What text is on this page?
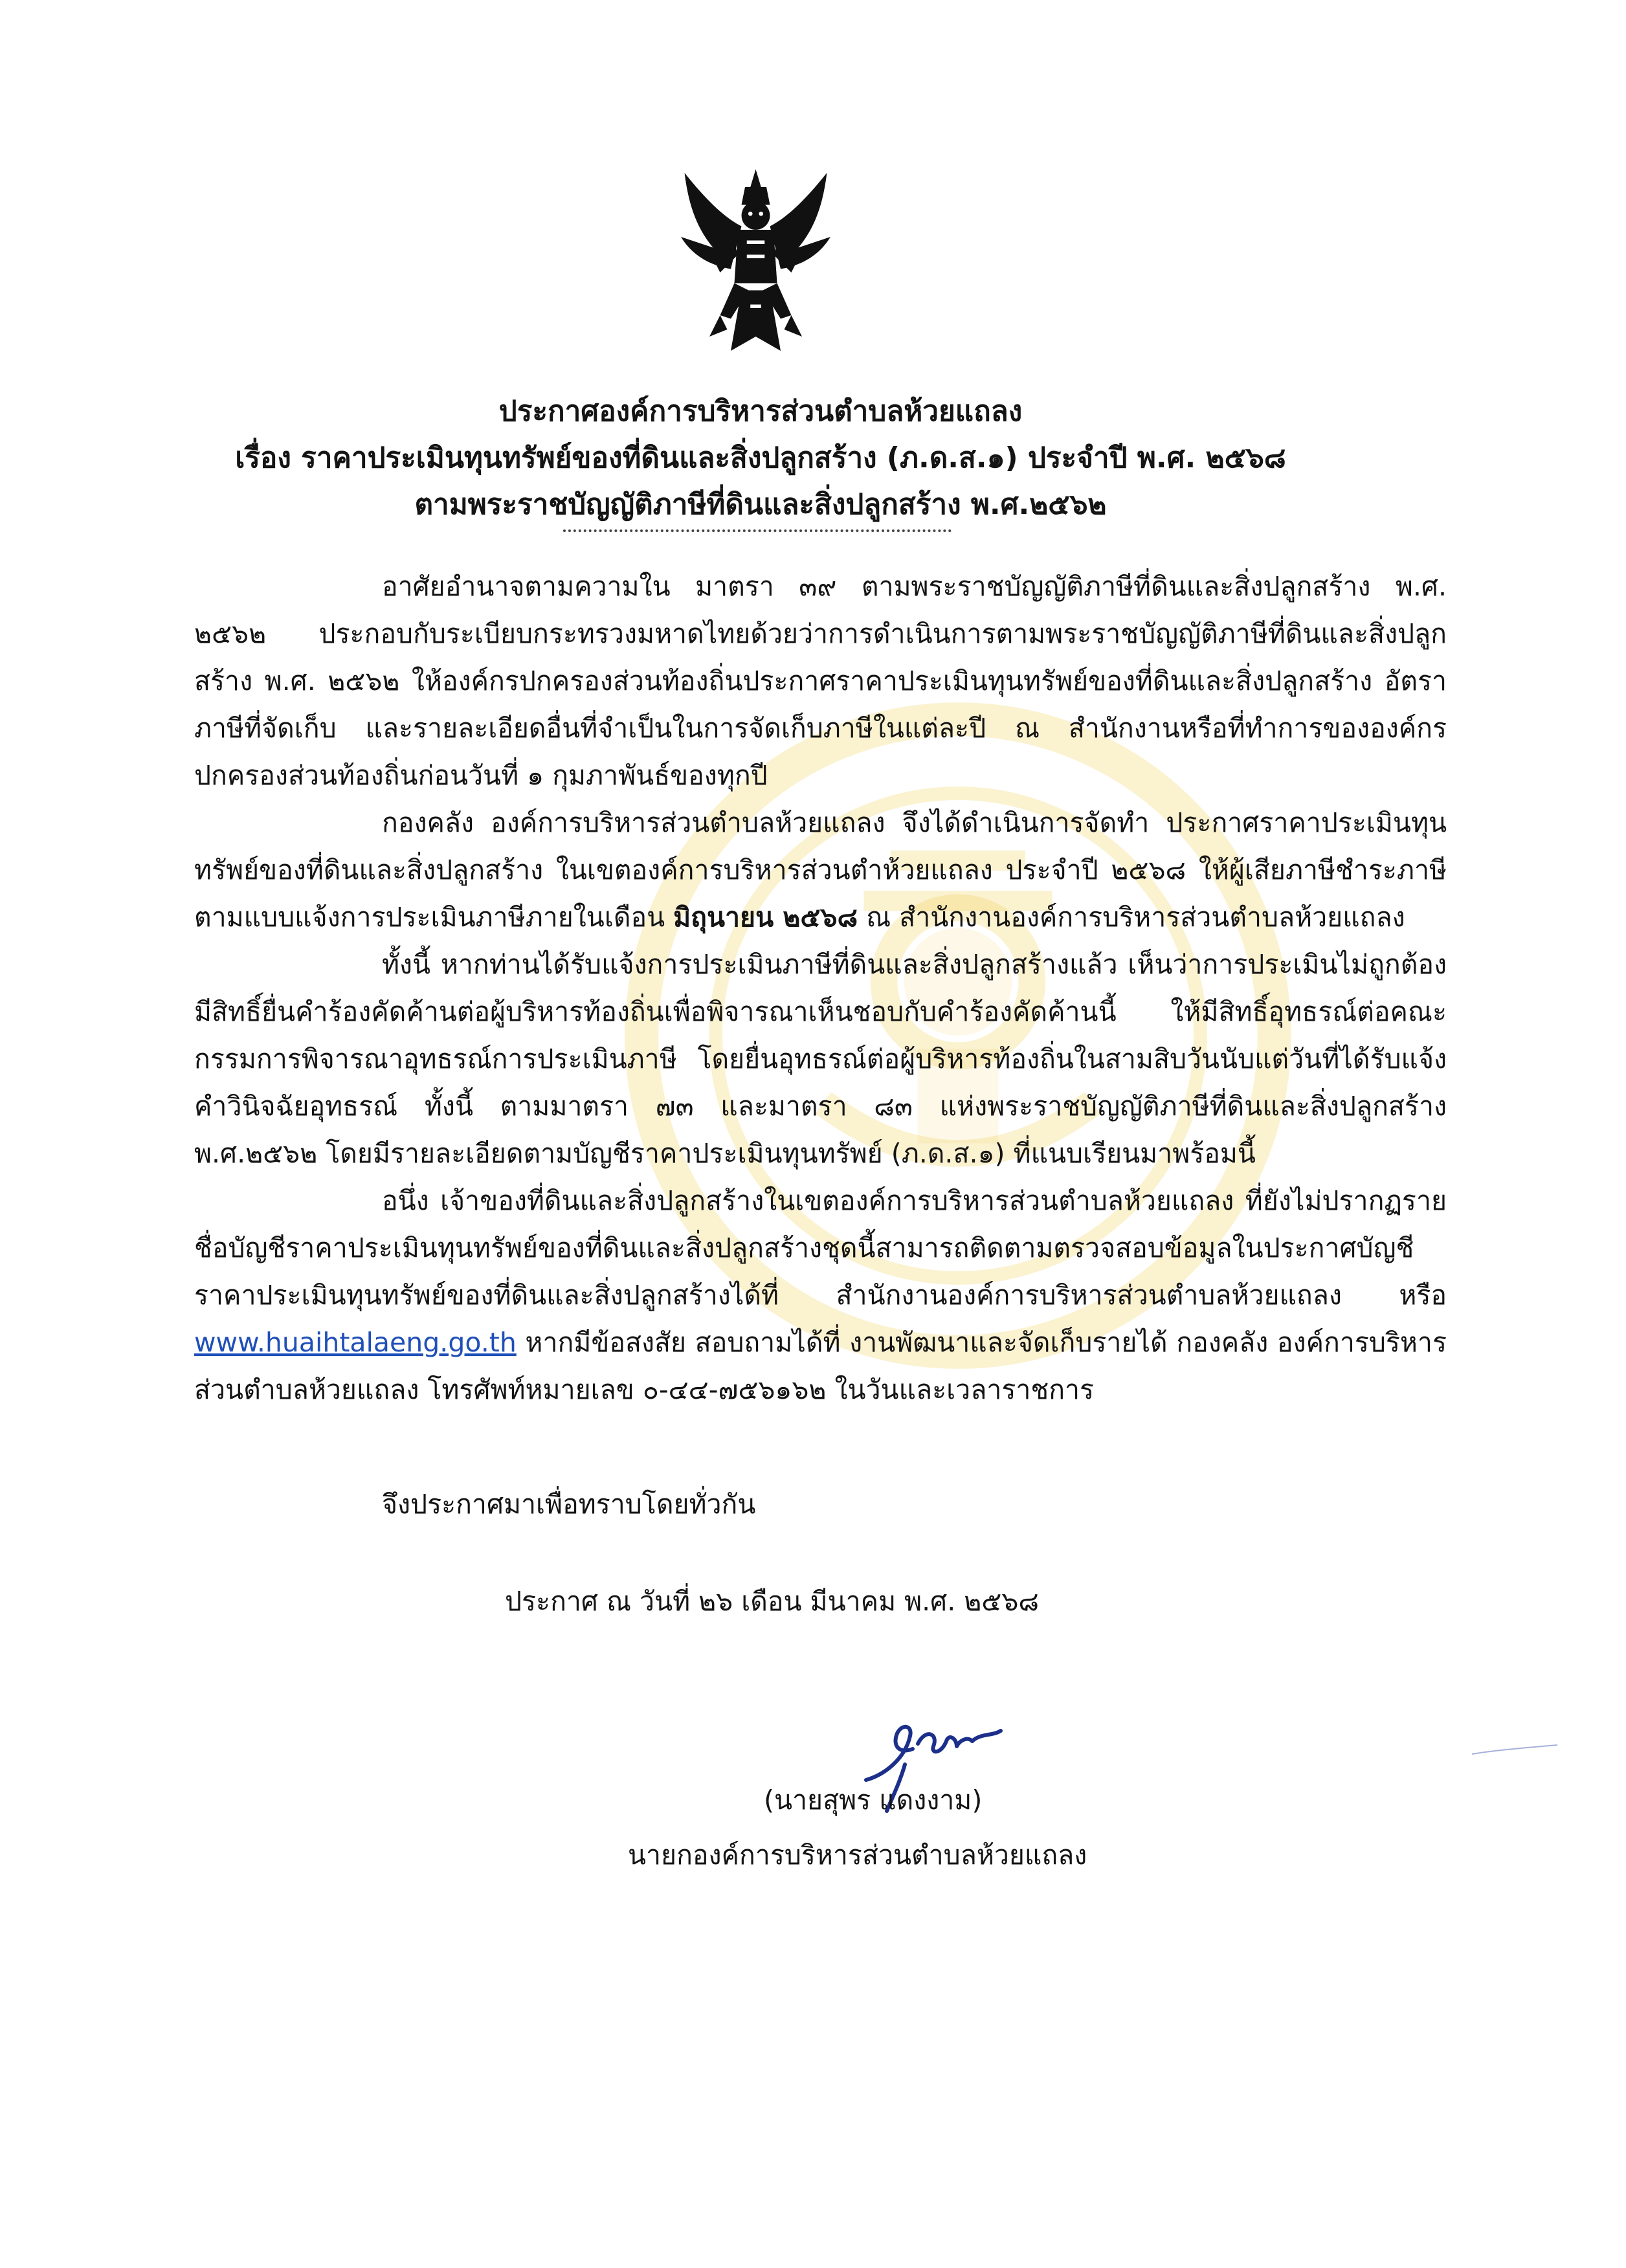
ประกาศองค์การบริหารส่วนตำบลห้วยแถลง
เรื่อง ราคาประเมินทุนทรัพย์ของที่ดินและสิ่งปลูกสร้าง (ภ.ด.ส.๑) ประจำปี พ.ศ. ๒๕๖๘
ตามพระราชบัญญัติภาษีที่ดินและสิ่งปลูกสร้าง พ.ศ.๒๕๖๒

อาศัยอำนาจตามความใน มาตรา ๓๙ ตามพระราชบัญญัติภาษีที่ดินและสิ่งปลูกสร้าง พ.ศ. ๒๕๖๒ ประกอบกับระเบียบกระทรวงมหาดไทยด้วยว่าการดำเนินการตามพระราชบัญญัติภาษีที่ดินและสิ่งปลูกสร้าง พ.ศ. ๒๕๖๒ ให้องค์กรปกครองส่วนท้องถิ่นประกาศราคาประเมินทุนทรัพย์ของที่ดินและสิ่งปลูกสร้าง อัตราภาษีที่จัดเก็บ และรายละเอียดอื่นที่จำเป็นในการจัดเก็บภาษีในแต่ละปี ณ สำนักงานหรือที่ทำการขององค์กรปกครองส่วนท้องถิ่นก่อนวันที่ ๑ กุมภาพันธ์ของทุกปี

กองคลัง องค์การบริหารส่วนตำบลห้วยแถลง จึงได้ดำเนินการจัดทำ ประกาศราคาประเมินทุนทรัพย์ของที่ดินและสิ่งปลูกสร้าง ในเขตองค์การบริหารส่วนตำห้วยแถลง ประจำปี ๒๕๖๘ ให้ผู้เสียภาษีชำระภาษีตามแบบแจ้งการประเมินภาษีภายในเดือน มิถุนายน ๒๕๖๘ ณ สำนักงานองค์การบริหารส่วนตำบลห้วยแถลง

ทั้งนี้ หากท่านได้รับแจ้งการประเมินภาษีที่ดินและสิ่งปลูกสร้างแล้ว เห็นว่าการประเมินไม่ถูกต้อง มีสิทธิ์ยื่นคำร้องคัดค้านต่อผู้บริหารท้องถิ่นเพื่อพิจารณาเห็นชอบกับคำร้องคัดค้านนี้ ให้มีสิทธิ์อุทธรณ์ต่อคณะกรรมการพิจารณาอุทธรณ์การประเมินภาษี โดยยื่นอุทธรณ์ต่อผู้บริหารท้องถิ่นในสามสิบวันนับแต่วันที่ได้รับแจ้งคำวินิจฉัยอุทธรณ์ ทั้งนี้ ตามมาตรา ๗๓ และมาตรา ๘๓ แห่งพระราชบัญญัติภาษีที่ดินและสิ่งปลูกสร้าง พ.ศ.๒๕๖๒ โดยมีรายละเอียดตามบัญชีราคาประเมินทุนทรัพย์ (ภ.ด.ส.๑) ที่แนบเรียนมาพร้อมนี้

อนึ่ง เจ้าของที่ดินและสิ่งปลูกสร้างในเขตองค์การบริหารส่วนตำบลห้วยแถลง ที่ยังไม่ปรากฏรายชื่อบัญชีราคาประเมินทุนทรัพย์ของที่ดินและสิ่งปลูกสร้างชุดนี้สามารถติดตามตรวจสอบข้อมูลในประกาศบัญชีราคาประเมินทุนทรัพย์ของที่ดินและสิ่งปลูกสร้างได้ที่ สำนักงานองค์การบริหารส่วนตำบลห้วยแถลง หรือ www.huaihtalaeng.go.th หากมีข้อสงสัย สอบถามได้ที่ งานพัฒนาและจัดเก็บรายได้ กองคลัง องค์การบริหารส่วนตำบลห้วยแถลง โทรศัพท์หมายเลข ๐-๔๔-๗๕๖๑๖๒ ในวันและเวลาราชการ

จึงประกาศมาเพื่อทราบโดยทั่วกัน
ประกาศ ณ วันที่ ๒๖ เดือน มีนาคม พ.ศ. ๒๕๖๘
(นายสุพร แดงงาม)
นายกองค์การบริหารส่วนตำบลห้วยแถลง
